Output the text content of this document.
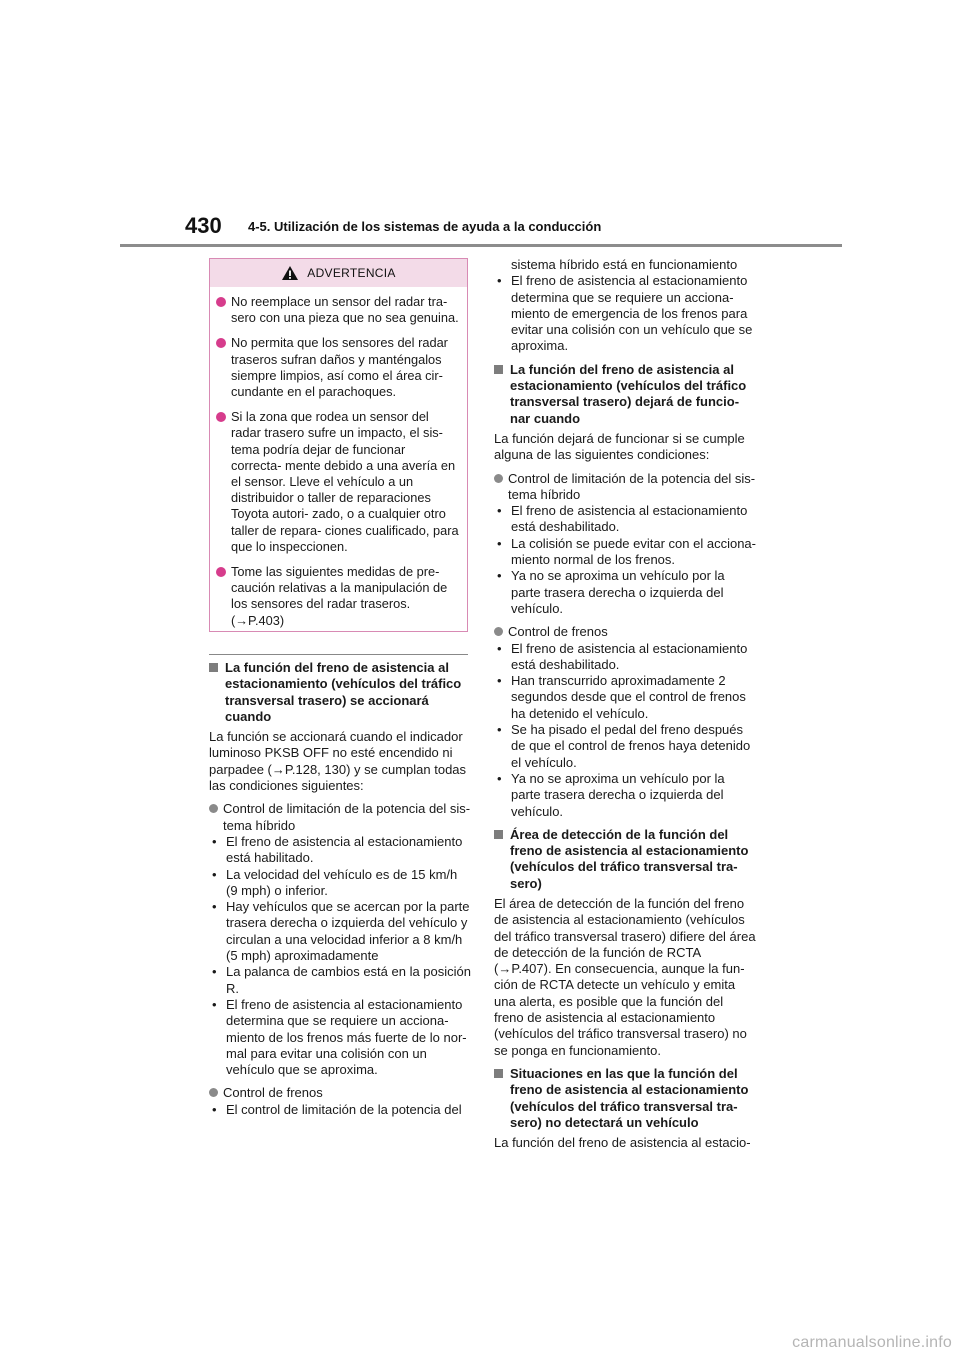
430 4-5. Utilización de los sistemas de ayuda a la conducción
ADVERTENCIA
No reemplace un sensor del radar tra- sero con una pieza que no sea genuina.
No permita que los sensores del radar traseros sufran daños y manténgalos siempre limpios, así como el área cir- cundante en el parachoques.
Si la zona que rodea un sensor del radar trasero sufre un impacto, el sis- tema podría dejar de funcionar correcta- mente debido a una avería en el sensor. Lleve el vehículo a un distribuidor o taller de reparaciones Toyota autori- zado, o a cualquier otro taller de repara- ciones cualificado, para que lo inspeccionen.
Tome las siguientes medidas de pre- caución relativas a la manipulación de los sensores del radar traseros. (→P.403)
La función del freno de asistencia al estacionamiento (vehículos del tráfico transversal trasero) se accionará cuando

La función se accionará cuando el indicador luminoso PKSB OFF no esté encendido ni parpadee (→P.128, 130) y se cumplan todas las condiciones siguientes:

Control de limitación de la potencia del sis- tema híbrido
• El freno de asistencia al estacionamiento está habilitado.
• La velocidad del vehículo es de 15 km/h (9 mph) o inferior.
• Hay vehículos que se acercan por la parte trasera derecha o izquierda del vehículo y circulan a una velocidad inferior a 8 km/h (5 mph) aproximadamente
• La palanca de cambios está en la posición R.
• El freno de asistencia al estacionamiento determina que se requiere un acciona- miento de los frenos más fuerte de lo nor- mal para evitar una colisión con un vehículo que se aproxima.
Control de frenos
• El control de limitación de la potencia del
sistema híbrido está en funcionamiento
• El freno de asistencia al estacionamiento determina que se requiere un acciona- miento de emergencia de los frenos para evitar una colisión con un vehículo que se aproxima.
La función del freno de asistencia al estacionamiento (vehículos del tráfico transversal trasero) dejará de funcio- nar cuando

La función dejará de funcionar si se cumple alguna de las siguientes condiciones:

Control de limitación de la potencia del sis- tema híbrido
• El freno de asistencia al estacionamiento está deshabilitado.
• La colisión se puede evitar con el acciona- miento normal de los frenos.
• Ya no se aproxima un vehículo por la parte trasera derecha o izquierda del vehículo.
Control de frenos
• El freno de asistencia al estacionamiento está deshabilitado.
• Han transcurrido aproximadamente 2 segundos desde que el control de frenos ha detenido el vehículo.
• Se ha pisado el pedal del freno después de que el control de frenos haya detenido el vehículo.
• Ya no se aproxima un vehículo por la parte trasera derecha o izquierda del vehículo.
Área de detección de la función del freno de asistencia al estacionamiento (vehículos del tráfico transversal tra- sero)

El área de detección de la función del freno de asistencia al estacionamiento (vehículos del tráfico transversal trasero) difiere del área de detección de la función de RCTA (→P.407). En consecuencia, aunque la fun- ción de RCTA detecte un vehículo y emita una alerta, es posible que la función del freno de asistencia al estacionamiento (vehículos del tráfico transversal trasero) no se ponga en funcionamiento.

Situaciones en las que la función del freno de asistencia al estacionamiento (vehículos del tráfico transversal tra- sero) no detectará un vehículo

La función del freno de asistencia al estacio-

carmanualsonline.info
